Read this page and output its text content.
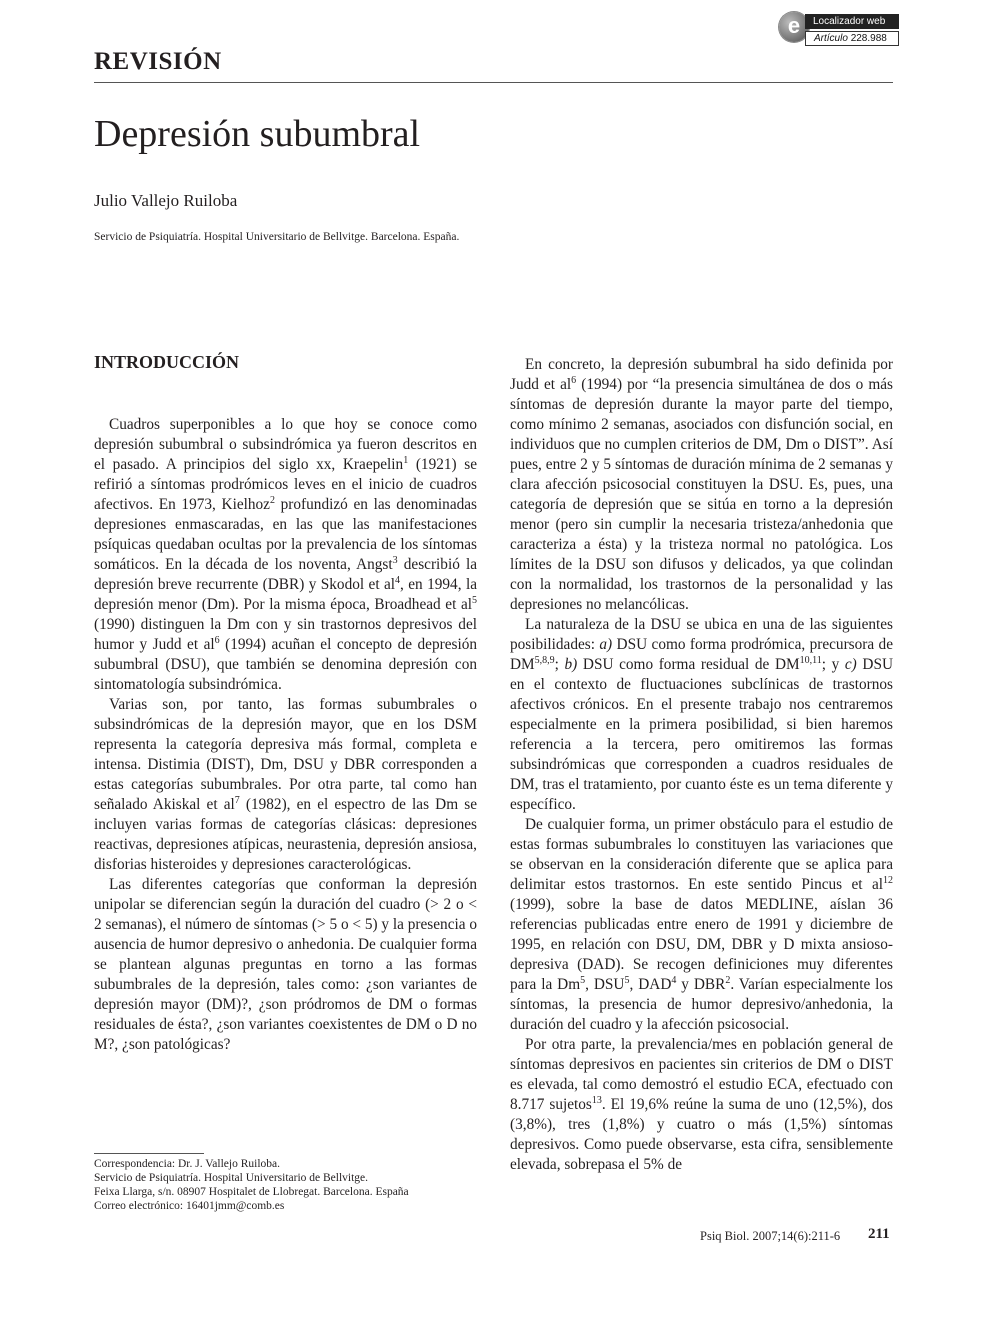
e	Localizador web
Artículo 228.988
REVISIÓN
Depresión subumbral

Julio Vallejo Ruiloba

Servicio de Psiquiatría. Hospital Universitario de Bellvitge. Barcelona. España.

INTRODUCCIÓN

Cuadros superponibles a lo que hoy se conoce como depresión subumbral o subsindrómica ya fueron descritos en el pasado. A principios del siglo xx, Kraepelin$^1$ (1921) se refirió a síntomas prodrómicos leves en el inicio de cuadros afectivos. En 1973, Kielhoz$^2$ profundizó en las denominadas depresiones enmascaradas, en las que las manifestaciones psíquicas quedaban ocultas por la prevalencia de los síntomas somáticos. En la década de los noventa, Angst$^3$ describió la depresión breve recurrente (DBR) y Skodol et $al^4$, en 1994, la depresión menor (Dm). Por la misma época, Broadhead et $al^5$ (1990) distinguen la Dm con y sin trastornos depresivos del humor y Judd et $al^6$ (1994) acuñan el concepto de depresión subumbral (DSU), que también se denomina depresión con sintomatología subsindrómica.

Varias son, por tanto, las formas subumbrales o subsindrómicas de la depresión mayor, que en los DSM representa la categoría depresiva más formal, completa e intensa. Distimia (DIST), Dm, DSU y DBR corresponden a estas categorías subumbrales. Por otra parte, tal como han señalado Akiskal et $al^7$ (1982), en el espectro de las Dm se incluyen varias formas de categorías clásicas: depresiones reactivas, depresiones atípicas, neurastenia, depresión ansiosa, disforias histeroides y depresiones caracterológicas.

Las diferentes categorías que conforman la depresión unipolar se diferencian según la duración del cuadro (> 2 o < 2 semanas), el número de síntomas (> 5 o < 5) y la presencia o ausencia de humor depresivo o anhedonia. De cualquier forma se plantean algunas preguntas en torno a las formas subumbrales de la depresión, tales como: ¿son variantes de depresión mayor (DM)?, ¿son pródromos de DM o formas residuales de ésta?, ¿son variantes coexistentes de DM o D no M?, ¿son patológicas?

En concreto, la depresión subumbral ha sido definida por Judd et $al^6$ (1994) por “la presencia simultánea de dos o más síntomas de depresión durante la mayor parte del tiempo, como mínimo 2 semanas, asociados con disfunción social, en individuos que no cumplen criterios de DM, Dm o DIST”. Así pues, entre 2 y 5 síntomas de duración mínima de 2 semanas y clara afección psicosocial constituyen la DSU. Es, pues, una categoría de depresión que se sitúa en torno a la depresión menor (pero sin cumplir la necesaria tristeza/anhedonia que caracteriza a ésta) y la tristeza normal no patológica. Los límites de la DSU son difusos y delicados, ya que colindan con la normalidad, los trastornos de la personalidad y las depresiones no melancólicas.

La naturaleza de la DSU se ubica en una de las siguientes posibilidades: a) DSU como forma prodrómica, precursora de DM$^{5,8,9}$; b) DSU como forma residual de DM$^{10,11}$; y c) DSU en el contexto de fluctuaciones subclínicas de trastornos afectivos crónicos. En el presente trabajo nos centraremos especialmente en la primera posibilidad, si bien haremos referencia a la tercera, pero omitiremos las formas subsindrómicas que corresponden a cuadros residuales de DM, tras el tratamiento, por cuanto éste es un tema diferente y específico.

De cualquier forma, un primer obstáculo para el estudio de estas formas subumbrales lo constituyen las variaciones que se observan en la consideración diferente que se aplica para delimitar estos trastornos. En este sentido Pincus et $al^{12}$ (1999), sobre la base de datos MEDLINE, aíslan 36 referencias publicadas entre enero de 1991 y diciembre de 1995, en relación con DSU, DM, DBR y D mixta ansioso-depresiva (DAD). Se recogen definiciones muy diferentes para la Dm$^5$, DSU$^5$, DAD$^4$ y DBR$^2$. Varían especialmente los síntomas, la presencia de humor depresivo/anhedonia, la duración del cuadro y la afección psicosocial.

Por otra parte, la prevalencia/mes en población general de síntomas depresivos en pacientes sin criterios de DM o DIST es elevada, tal como demostró el estudio ECA, efectuado con 8.717 sujetos$^{13}$. El 19,6% reúne la suma de uno (12,5%), dos (3,8%), tres (1,8%) y cuatro o más (1,5%) síntomas depresivos. Como puede observarse, esta cifra, sensiblemente elevada, sobrepasa el 5% de

Correspondencia: Dr. J. Vallejo Ruiloba.
Servicio de Psiquiatría. Hospital Universitario de Bellvitge.
Feixa Llarga, s/n. 08907 Hospitalet de Llobregat. Barcelona. España
Correo electrónico: 16401jmm@comb.es
Psiq Biol. 2007;14(6):211-6 211
